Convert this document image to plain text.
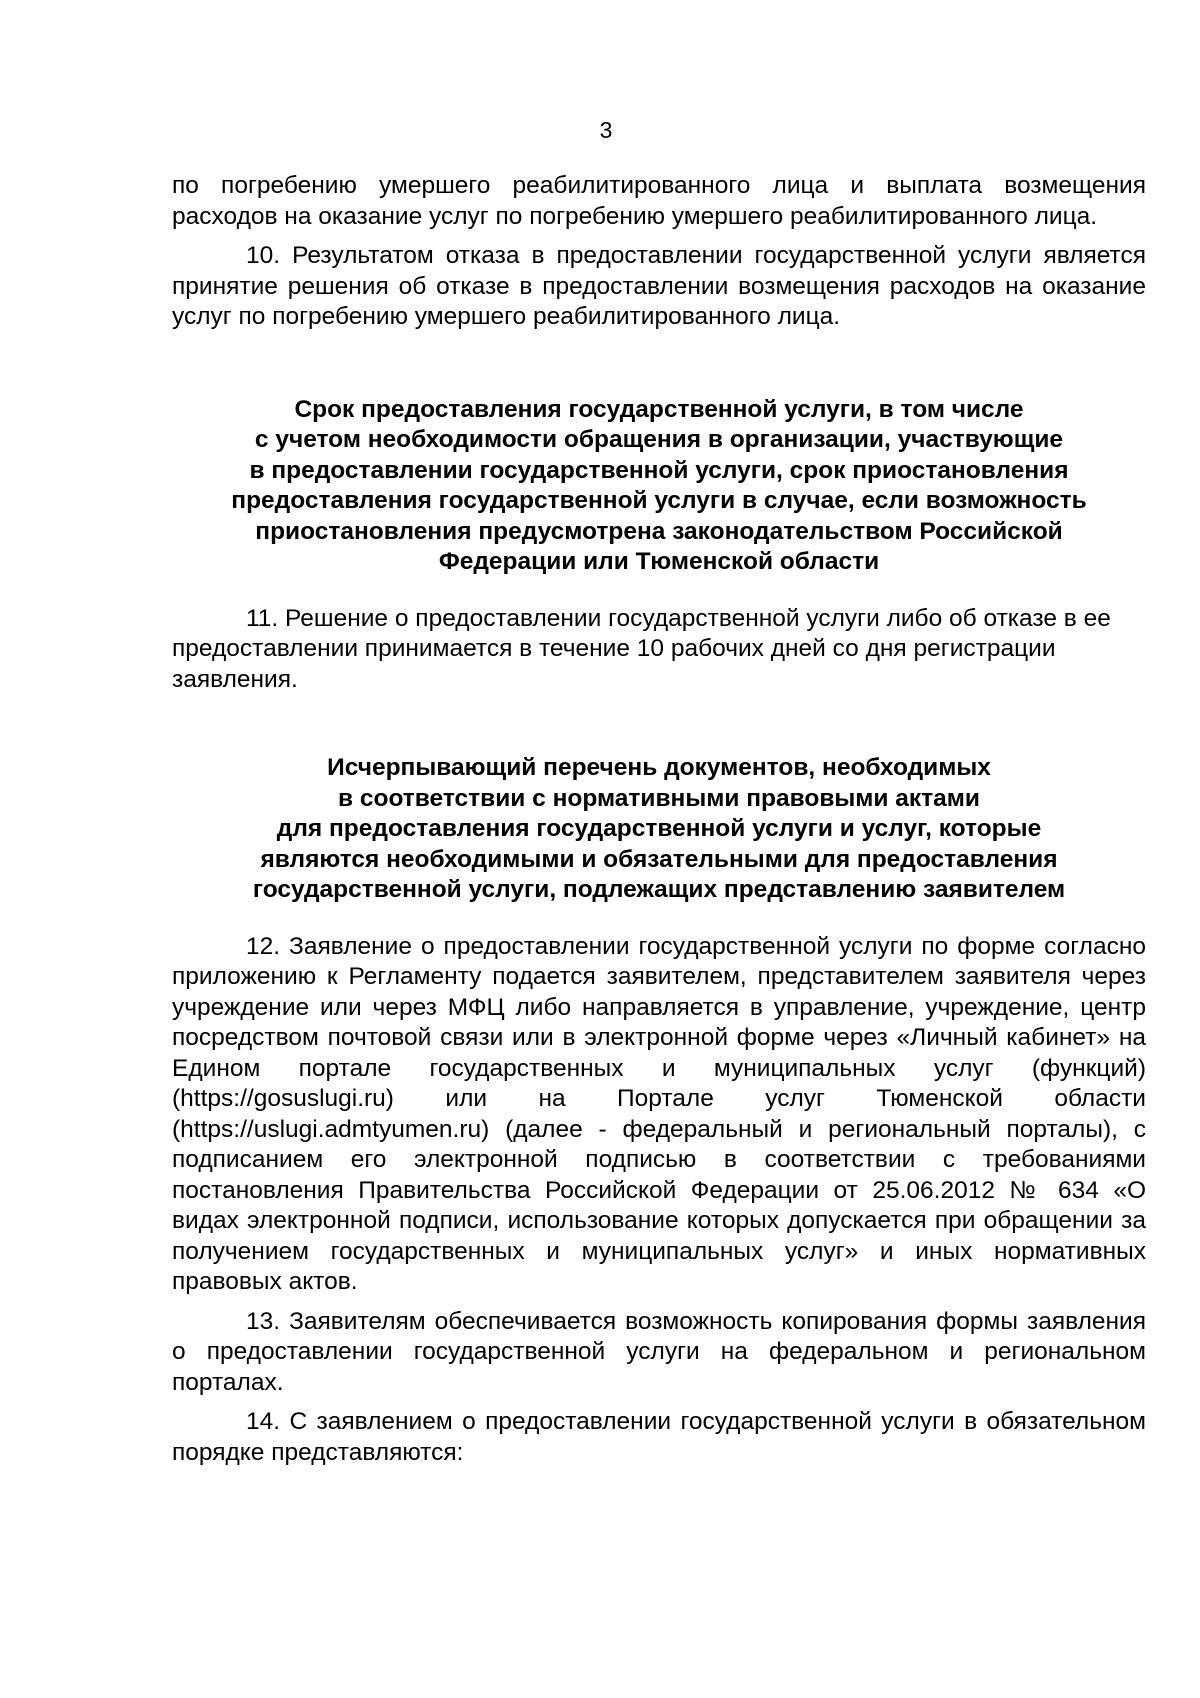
3

по погребению умершего реабилитированного лица и выплата возмещения расходов на оказание услуг по погребению умершего реабилитированного лица.

10. Результатом отказа в предоставлении государственной услуги является принятие решения об отказе в предоставлении возмещения расходов на оказание услуг по погребению умершего реабилитированного лица.

Срок предоставления государственной услуги, в том числе
с учетом необходимости обращения в организации, участвующие
в предоставлении государственной услуги, срок приостановления
предоставления государственной услуги в случае, если возможность
приостановления предусмотрена законодательством Российской
Федерации или Тюменской области

11. Решение о предоставлении государственной услуги либо об отказе в ее предоставлении принимается в течение 10 рабочих дней со дня регистрации заявления.

Исчерпывающий перечень документов, необходимых
в соответствии с нормативными правовыми актами
для предоставления государственной услуги и услуг, которые
являются необходимыми и обязательными для предоставления
государственной услуги, подлежащих представлению заявителем

12. Заявление о предоставлении государственной услуги по форме согласно приложению к Регламенту подается заявителем, представителем заявителя через учреждение или через МФЦ либо направляется в управление, учреждение, центр посредством почтовой связи или в электронной форме через «Личный кабинет» на Едином портале государственных и муниципальных услуг (функций) (https://gosuslugi.ru) или на Портале услуг Тюменской области (https://uslugi.admtyumen.ru) (далее - федеральный и региональный порталы), с подписанием его электронной подписью в соответствии с требованиями постановления Правительства Российской Федерации от 25.06.2012 № 634 «О видах электронной подписи, использование которых допускается при обращении за получением государственных и муниципальных услуг» и иных нормативных правовых актов.

13. Заявителям обеспечивается возможность копирования формы заявления о предоставлении государственной услуги на федеральном и региональном порталах.

14. С заявлением о предоставлении государственной услуги в обязательном порядке представляются:
